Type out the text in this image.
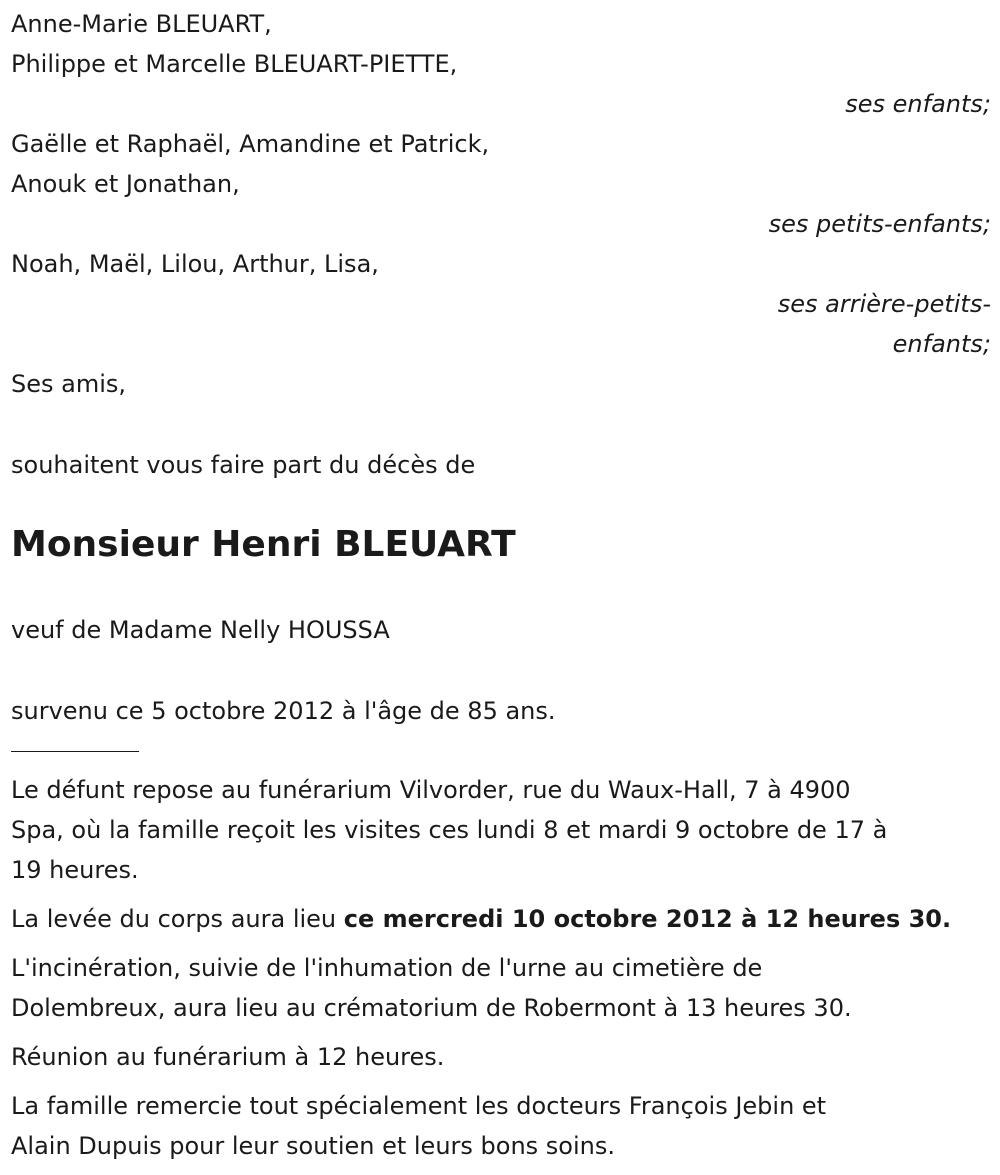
Anne-Marie BLEUART,
Philippe et Marcelle BLEUART-PIETTE,
ses enfants;
Gaëlle et Raphaël, Amandine et Patrick,
Anouk et Jonathan,
ses petits-enfants;
Noah, Maël, Lilou, Arthur, Lisa,
ses arrière-petits-
enfants;
Ses amis,
souhaitent vous faire part du décès de
Monsieur Henri BLEUART
veuf de Madame Nelly HOUSSA
survenu ce 5 octobre 2012 à l'âge de 85 ans.
Le défunt repose au funérarium Vilvorder, rue du Waux-Hall, 7 à 4900
Spa, où la famille reçoit les visites ces lundi 8 et mardi 9 octobre de 17 à
19 heures.
La levée du corps aura lieu ce mercredi 10 octobre 2012 à 12 heures 30.
L'incinération, suivie de l'inhumation de l'urne au cimetière de
Dolembreux, aura lieu au crématorium de Robermont à 13 heures 30.
Réunion au funérarium à 12 heures.
La famille remercie tout spécialement les docteurs François Jebin et
Alain Dupuis pour leur soutien et leurs bons soins.
